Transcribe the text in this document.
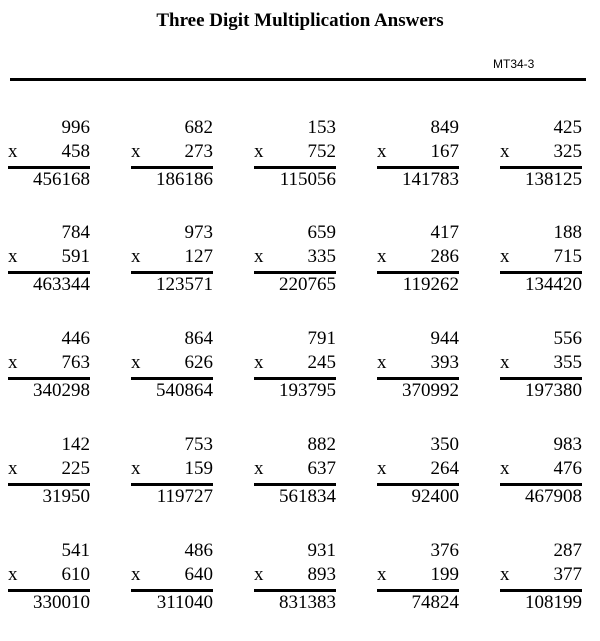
Three Digit Multiplication Answers
MT34-3
996
x 458
456168
682
x 273
186186
153
x 752
115056
849
x 167
141783
425
x 325
138125
784
x 591
463344
973
x 127
123571
659
x 335
220765
417
x 286
119262
188
x 715
134420
446
x 763
340298
864
x 626
540864
791
x 245
193795
944
x 393
370992
556
x 355
197380
142
x 225
31950
753
x 159
119727
882
x 637
561834
350
x 264
92400
983
x 476
467908
541
x 610
330010
486
x 640
311040
931
x 893
831383
376
x 199
74824
287
x 377
108199
